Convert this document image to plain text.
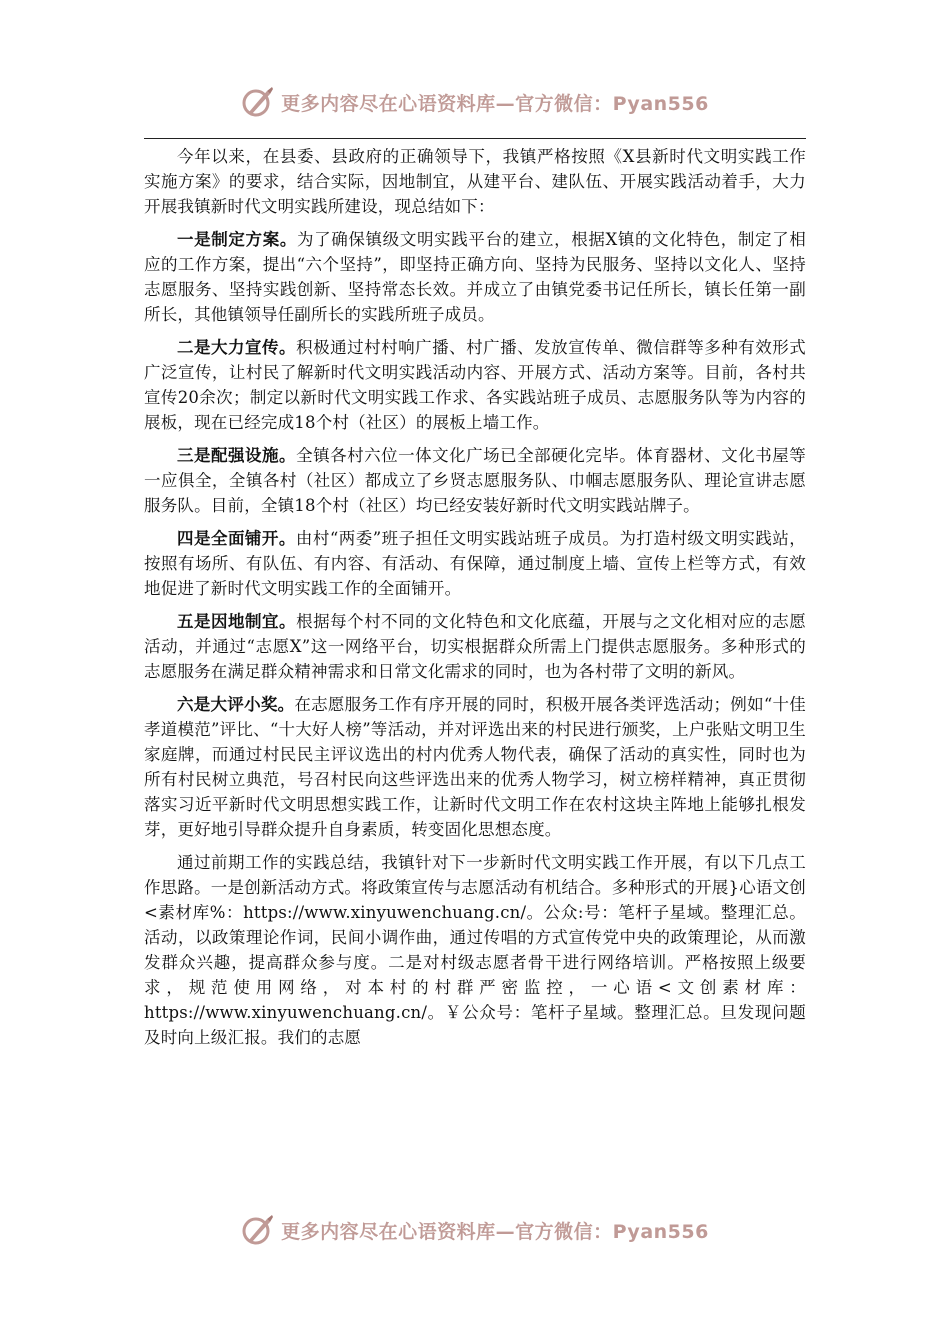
更多内容尽在心语资料库—官方微信：Pyan556

今年以来，在县委、县政府的正确领导下，我镇严格按照《X县新时代文明实践工作实施方案》的要求，结合实际，因地制宜，从建平台、建队伍、开展实践活动着手，大力开展我镇新时代文明实践所建设，现总结如下：

一是制定方案。为了确保镇级文明实践平台的建立，根据X镇的文化特色，制定了相应的工作方案，提出“六个坚持”，即坚持正确方向、坚持为民服务、坚持以文化人、坚持志愿服务、坚持实践创新、坚持常态长效。并成立了由镇党委书记任所长，镇长任第一副所长，其他镇领导任副所长的实践所班子成员。

二是大力宣传。积极通过村村响广播、村广播、发放宣传单、微信群等多种有效形式广泛宣传，让村民了解新时代文明实践活动内容、开展方式、活动方案等。目前，各村共宣传20余次；制定以新时代文明实践工作求、各实践站班子成员、志愿服务队等为内容的展板，现在已经完成18个村（社区）的展板上墙工作。

三是配强设施。全镇各村六位一体文化广场已全部硬化完毕。体育器材、文化书屋等一应俱全，全镇各村（社区）都成立了乡贤志愿服务队、巾帼志愿服务队、理论宣讲志愿服务队。目前，全镇18个村（社区）均已经安装好新时代文明实践站牌子。

四是全面铺开。由村“两委”班子担任文明实践站班子成员。为打造村级文明实践站，按照有场所、有队伍、有内容、有活动、有保障，通过制度上墙、宣传上栏等方式，有效地促进了新时代文明实践工作的全面铺开。

五是因地制宜。根据每个村不同的文化特色和文化底蕴，开展与之文化相对应的志愿活动，并通过“志愿X”这一网络平台，切实根据群众所需上门提供志愿服务。多种形式的志愿服务在满足群众精神需求和日常文化需求的同时，也为各村带了文明的新风。

六是大评小奖。在志愿服务工作有序开展的同时，积极开展各类评选活动；例如“十佳孝道模范”评比、“十大好人榜”等活动，并对评选出来的村民进行颁奖，上户张贴文明卫生家庭牌，而通过村民民主评议选出的村内优秀人物代表，确保了活动的真实性，同时也为所有村民树立典范，号召村民向这些评选出来的优秀人物学习，树立榜样精神，真正贯彻落实习近平新时代文明思想实践工作，让新时代文明工作在农村这块主阵地上能够扎根发芽，更好地引导群众提升自身素质，转变固化思想态度。

通过前期工作的实践总结，我镇针对下一步新时代文明实践工作开展，有以下几点工作思路。一是创新活动方式。将政策宣传与志愿活动有机结合。多种形式的开展}心语文创<素材库%：https://www.xinyuwenchuang.cn/。公众:号：笔杆子星域。整理汇总。活动，以政策理论作词，民间小调作曲，通过传唱的方式宣传党中央的政策理论，从而激发群众兴趣，提高群众参与度。二是对村级志愿者骨干进行网络培训。严格按照上级要求，规范使用网络，对本村的村群严密监控，一心语<文创素材库：https://www.xinyuwenchuang.cn/。￥公众号：笔杆子星域。整理汇总。旦发现问题及时向上级汇报。我们的志愿

更多内容尽在心语资料库—官方微信：Pyan556
